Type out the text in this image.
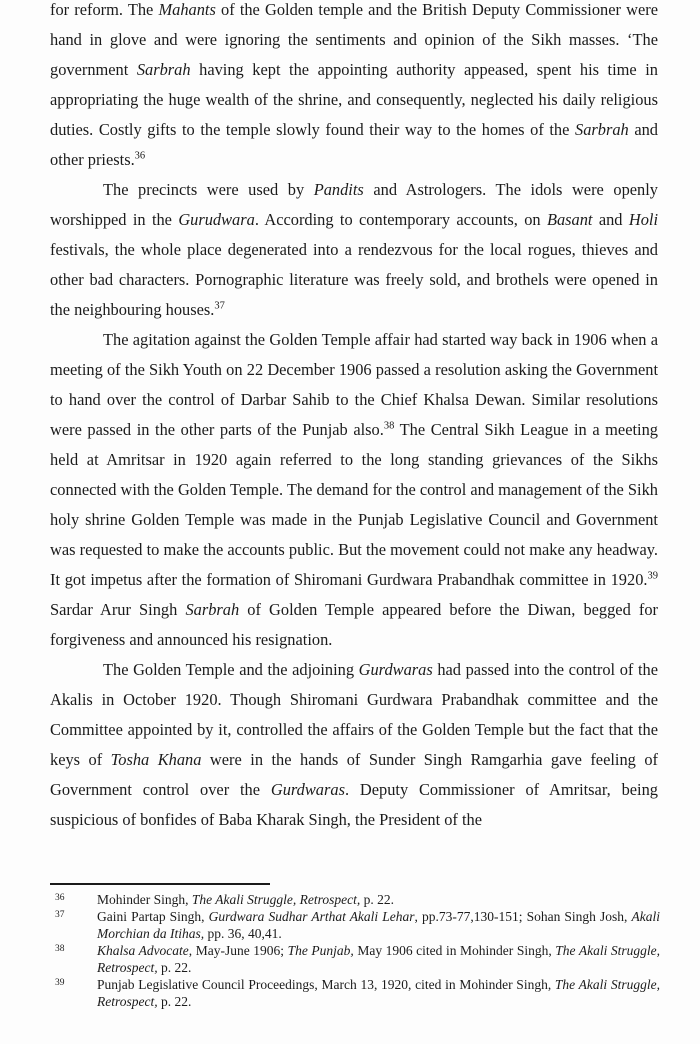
for reform. The Mahants of the Golden temple and the British Deputy Commissioner were hand in glove and were ignoring the sentiments and opinion of the Sikh masses. ‘The government Sarbrah having kept the appointing authority appeased, spent his time in appropriating the huge wealth of the shrine, and consequently, neglected his daily religious duties. Costly gifts to the temple slowly found their way to the homes of the Sarbrah and other priests.$^{36}$

The precincts were used by Pandits and Astrologers. The idols were openly worshipped in the Gurudwara. According to contemporary accounts, on Basant and Holi festivals, the whole place degenerated into a rendezvous for the local rogues, thieves and other bad characters. Pornographic literature was freely sold, and brothels were opened in the neighbouring houses.$^{37}$

The agitation against the Golden Temple affair had started way back in 1906 when a meeting of the Sikh Youth on 22 December 1906 passed a resolution asking the Government to hand over the control of Darbar Sahib to the Chief Khalsa Dewan. Similar resolutions were passed in the other parts of the Punjab also.$^{38}$ The Central Sikh League in a meeting held at Amritsar in 1920 again referred to the long standing grievances of the Sikhs connected with the Golden Temple. The demand for the control and management of the Sikh holy shrine Golden Temple was made in the Punjab Legislative Council and Government was requested to make the accounts public. But the movement could not make any headway. It got impetus after the formation of Shiromani Gurdwara Prabandhak committee in 1920.39 Sardar Arur Singh Sarbrah of Golden Temple appeared before the Diwan, begged for forgiveness and announced his resignation.

The Golden Temple and the adjoining Gurdwaras had passed into the control of the Akalis in October 1920. Though Shiromani Gurdwara Prabandhak committee and the Committee appointed by it, controlled the affairs of the Golden Temple but the fact that the keys of Tosha Khana were in the hands of Sunder Singh Ramgarhia gave feeling of Government control over the Gurdwaras. Deputy Commissioner of Amritsar, being suspicious of bonfides of Baba Kharak Singh, the President of the

36	Mohinder Singh, The Akali Struggle, Retrospect, p. 22.
37	Gaini Partap Singh, Gurdwara Sudhar Arthat Akali Lehar, pp.73-77,130-151; Sohan Singh Josh, Akali Morchian da Itihas, pp. 36, 40,41.
38	Khalsa Advocate, May-June 1906; The Punjab, May 1906 cited in Mohinder Singh, The Akali Struggle, Retrospect, p. 22.
39	Punjab Legislative Council Proceedings, March 13, 1920, cited in Mohinder Singh, The Akali Struggle, Retrospect, p. 22.
